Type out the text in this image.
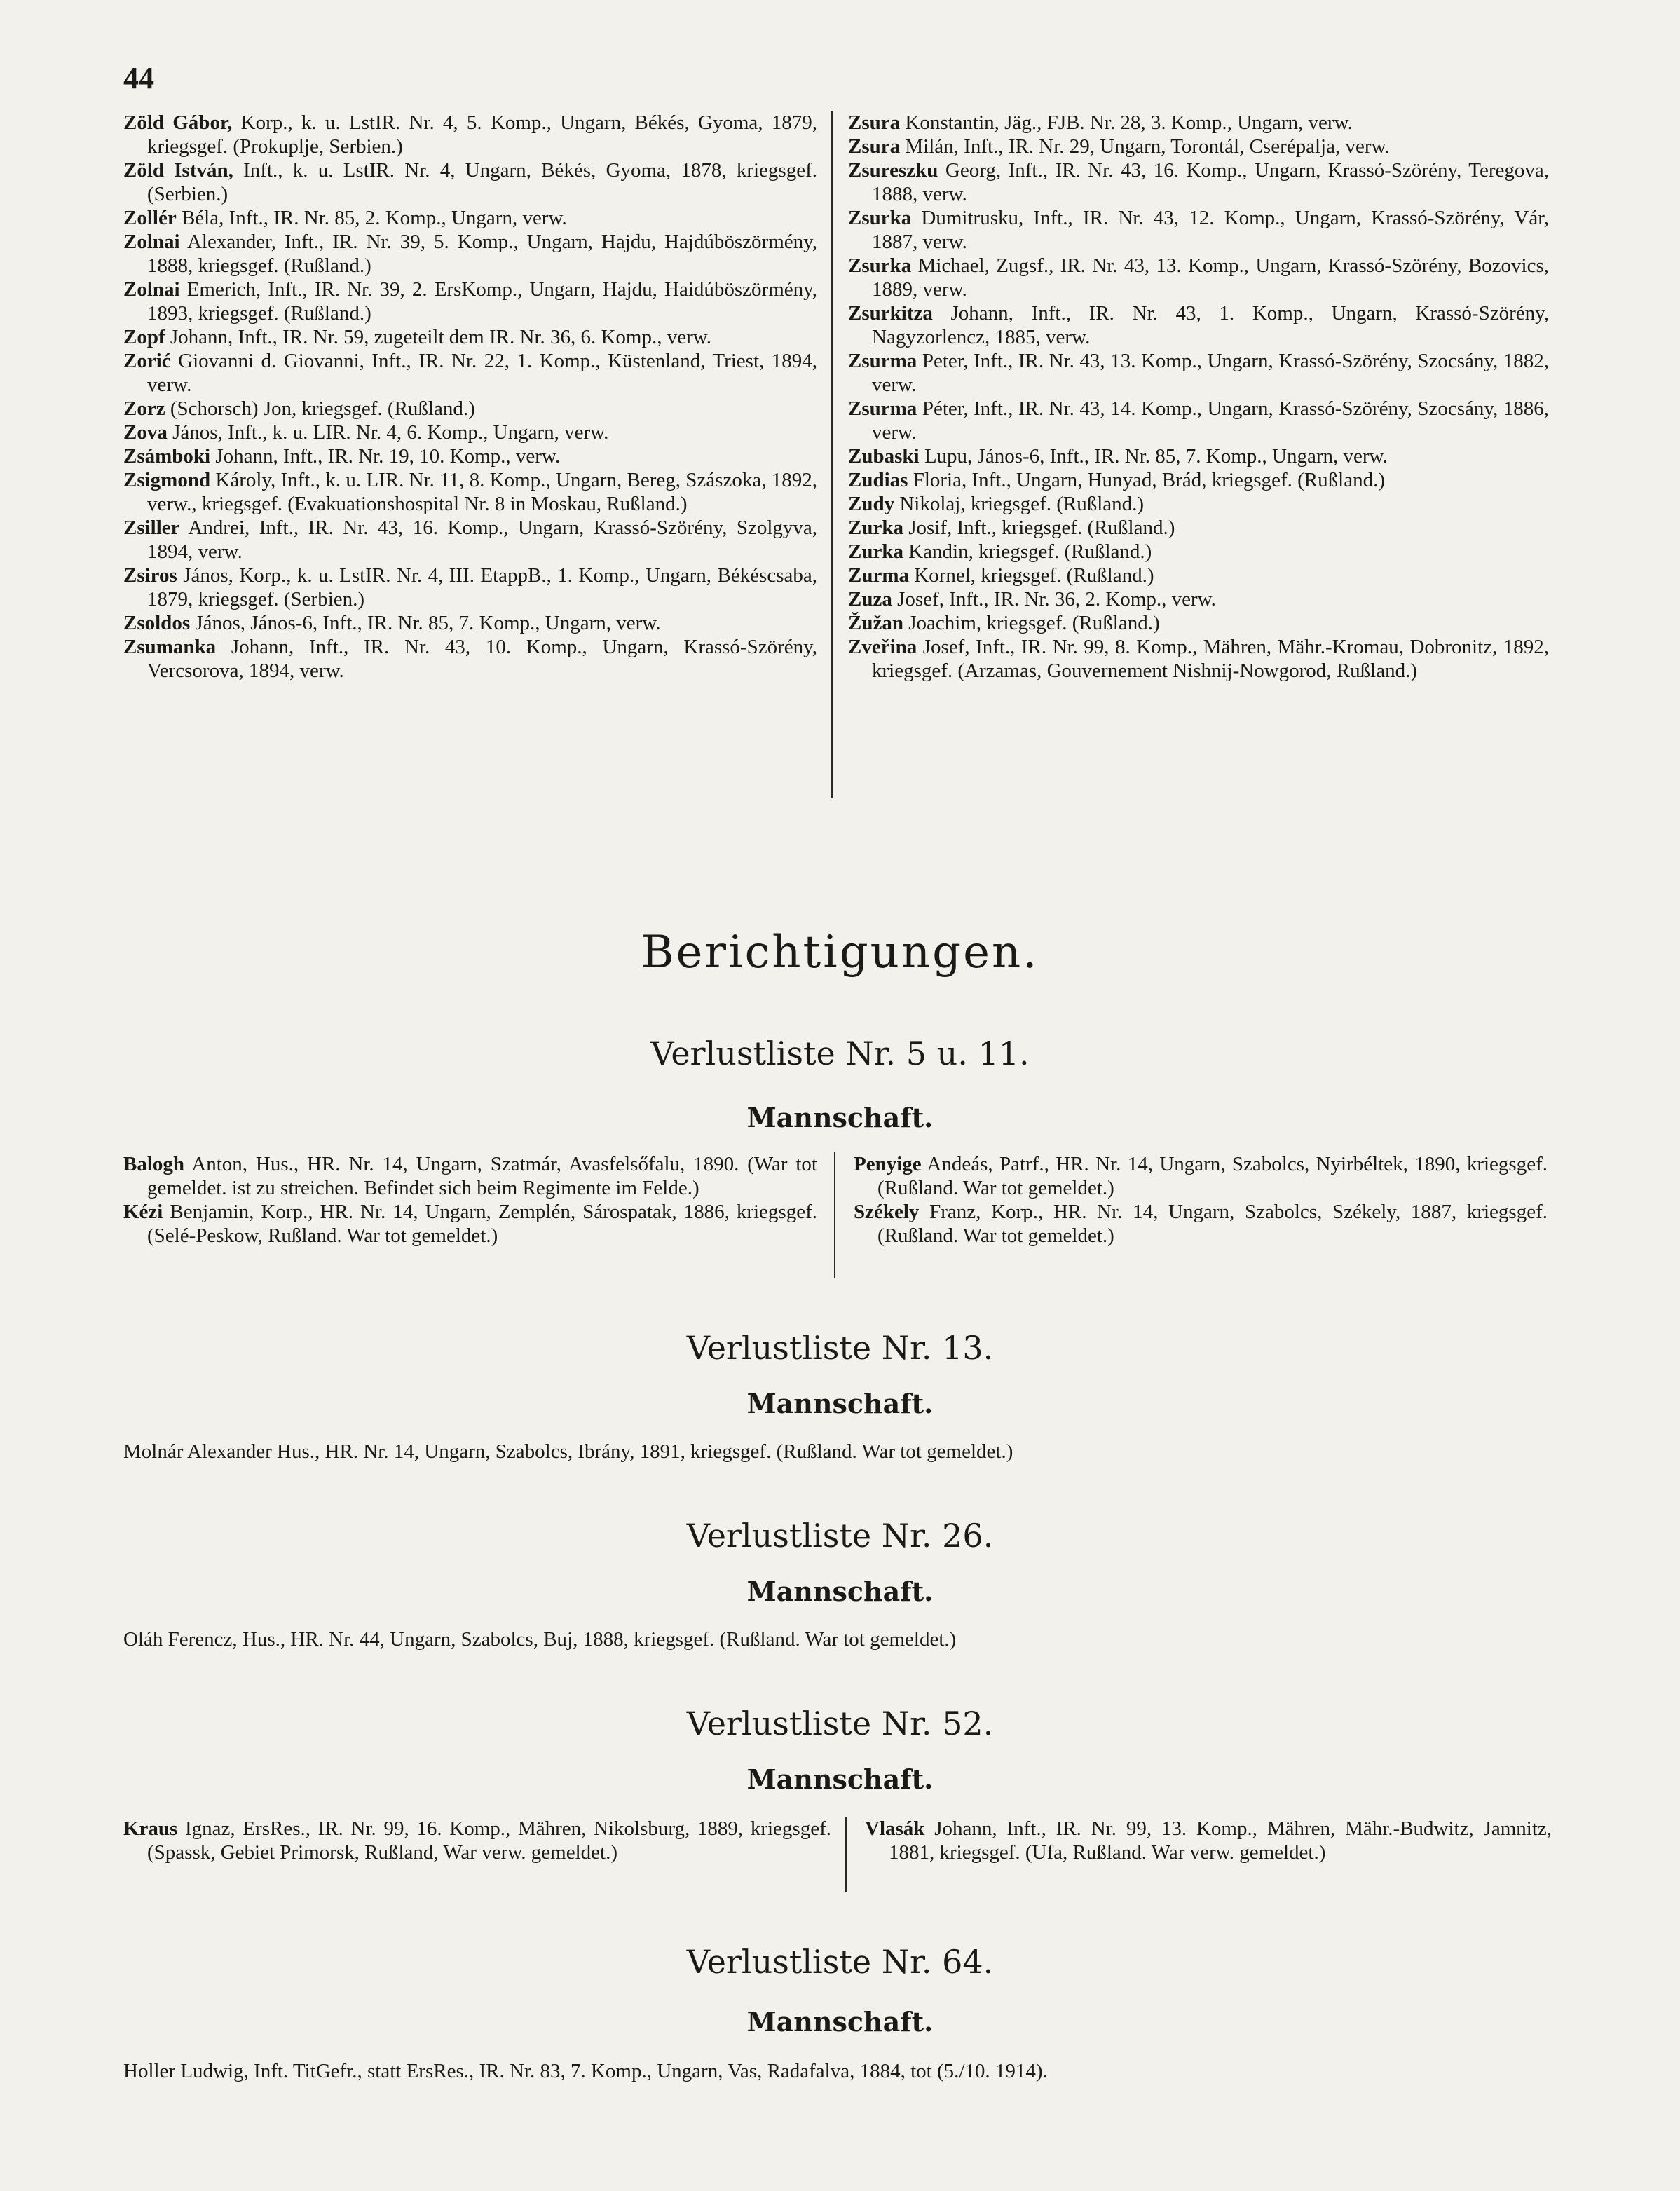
44
Zöld Gábor, Korp., k. u. LstIR. Nr. 4, 5. Komp., Ungarn, Békés, Gyoma, 1879, kriegsgef. (Prokuplje, Serbien.)
Zöld István, Inft., k. u. LstIR. Nr. 4, Ungarn, Békés, Gyoma, 1878, kriegsgef. (Serbien.)
Zollér Béla, Inft., IR. Nr. 85, 2. Komp., Ungarn, verw.
Zolnai Alexander, Inft., IR. Nr. 39, 5. Komp., Ungarn, Hajdu, Hajdúböszörmény, 1888, kriegsgef. (Rußland.)
Zolnai Emerich, Inft., IR. Nr. 39, 2. ErsKomp., Ungarn, Hajdu, Haidúböszörmény, 1893, kriegsgef. (Rußland.)
Zopf Johann, Inft., IR. Nr. 59, zugeteilt dem IR. Nr. 36, 6. Komp., verw.
Zorić Giovanni d. Giovanni, Inft., IR. Nr. 22, 1. Komp., Küstenland, Triest, 1894, verw.
Zorz (Schorsch) Jon, kriegsgef. (Rußland.)
Zova János, Inft., k. u. LIR. Nr. 4, 6. Komp., Ungarn, verw.
Zsámboki Johann, Inft., IR. Nr. 19, 10. Komp., verw.
Zsigmond Károly, Inft., k. u. LIR. Nr. 11, 8. Komp., Ungarn, Bereg, Szászoka, 1892, verw., kriegsgef. (Evakuationshospital Nr. 8 in Moskau, Rußland.)
Zsiller Andrei, Inft., IR. Nr. 43, 16. Komp., Ungarn, Krassó-Szörény, Szolgyva, 1894, verw.
Zsiros János, Korp., k. u. LstIR. Nr. 4, III. EtappB., 1. Komp., Ungarn, Békéscsaba, 1879, kriegsgef. (Serbien.)
Zsoldos János, János-6, Inft., IR. Nr. 85, 7. Komp., Ungarn, verw.
Zsumanka Johann, Inft., IR. Nr. 43, 10. Komp., Ungarn, Krassó-Szörény, Vercsorova, 1894, verw.
Zsura Konstantin, Jäg., FJB. Nr. 28, 3. Komp., Ungarn, verw.
Zsura Milán, Inft., IR. Nr. 29, Ungarn, Torontál, Cserépalja, verw.
Zsureszku Georg, Inft., IR. Nr. 43, 16. Komp., Ungarn, Krassó-Szörény, Teregova, 1888, verw.
Zsurka Dumitrusku, Inft., IR. Nr. 43, 12. Komp., Ungarn, Krassó-Szörény, Vár, 1887, verw.
Zsurka Michael, Zugsf., IR. Nr. 43, 13. Komp., Ungarn, Krassó-Szörény, Bozovics, 1889, verw.
Zsurkitza Johann, Inft., IR. Nr. 43, 1. Komp., Ungarn, Krassó-Szörény, Nagyzorlencz, 1885, verw.
Zsurma Peter, Inft., IR. Nr. 43, 13. Komp., Ungarn, Krassó-Szörény, Szocsány, 1882, verw.
Zsurma Péter, Inft., IR. Nr. 43, 14. Komp., Ungarn, Krassó-Szörény, Szocsány, 1886, verw.
Zubaski Lupu, János-6, Inft., IR. Nr. 85, 7. Komp., Ungarn, verw.
Zudias Floria, Inft., Ungarn, Hunyad, Brád, kriegsgef. (Rußland.)
Zudy Nikolaj, kriegsgef. (Rußland.)
Zurka Josif, Inft., kriegsgef. (Rußland.)
Zurka Kandin, kriegsgef. (Rußland.)
Zurma Kornel, kriegsgef. (Rußland.)
Zuza Josef, Inft., IR. Nr. 36, 2. Komp., verw.
Žužan Joachim, kriegsgef. (Rußland.)
Zveřina Josef, Inft., IR. Nr. 99, 8. Komp., Mähren, Mähr.-Kromau, Dobronitz, 1892, kriegsgef. (Arzamas, Gouvernement Nishnij-Nowgorod, Rußland.)
Berichtigungen.
Verlustliste Nr. 5 u. 11.
Mannschaft.
Balogh Anton, Hus., HR. Nr. 14, Ungarn, Szatmár, Avasfelsőfalu, 1890. (War tot gemeldet. ist zu streichen. Befindet sich beim Regimente im Felde.)
Kézi Benjamin, Korp., HR. Nr. 14, Ungarn, Zemplén, Sárospatak, 1886, kriegsgef. (Selé-Peskow, Rußland. War tot gemeldet.)
Penyige Andeás, Patrf., HR. Nr. 14, Ungarn, Szabolcs, Nyirbéltek, 1890, kriegsgef. (Rußland. War tot gemeldet.)
Székely Franz, Korp., HR. Nr. 14, Ungarn, Szabolcs, Székely, 1887, kriegsgef. (Rußland. War tot gemeldet.)
Verlustliste Nr. 13.
Mannschaft.
Molnár Alexander Hus., HR. Nr. 14, Ungarn, Szabolcs, Ibrány, 1891, kriegsgef. (Rußland. War tot gemeldet.)
Verlustliste Nr. 26.
Mannschaft.
Oláh Ferencz, Hus., HR. Nr. 44, Ungarn, Szabolcs, Buj, 1888, kriegsgef. (Rußland. War tot gemeldet.)
Verlustliste Nr. 52.
Mannschaft.
Kraus Ignaz, ErsRes., IR. Nr. 99, 16. Komp., Mähren, Nikolsburg, 1889, kriegsgef. (Spassk, Gebiet Primorsk, Rußland, War verw. gemeldet.)
Vlasák Johann, Inft., IR. Nr. 99, 13. Komp., Mähren, Mähr.-Budwitz, Jamnitz, 1881, kriegsgef. (Ufa, Rußland. War verw. gemeldet.)
Verlustliste Nr. 64.
Mannschaft.
Holler Ludwig, Inft. TitGefr., statt ErsRes., IR. Nr. 83, 7. Komp., Ungarn, Vas, Radafalva, 1884, tot (5./10. 1914).
